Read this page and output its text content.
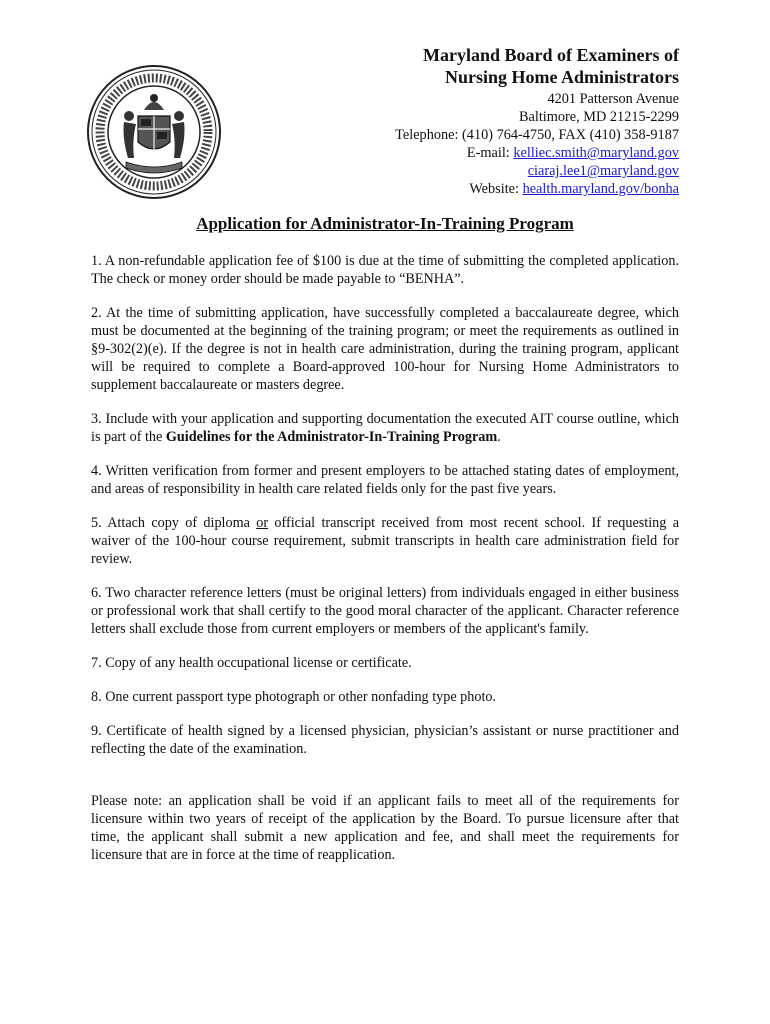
Maryland Board of Examiners of
Nursing Home Administrators
4201 Patterson Avenue
Baltimore, MD 21215-2299
Telephone: (410) 764-4750, FAX (410) 358-9187
E-mail: kelliec.smith@maryland.gov
ciaraj.lee1@maryland.gov
Website: health.maryland.gov/bonha
Application for Administrator-In-Training Program

1. A non-refundable application fee of $100 is due at the time of submitting the completed application. The check or money order should be made payable to “BENHA”.

2. At the time of submitting application, have successfully completed a baccalaureate degree, which must be documented at the beginning of the training program; or meet the requirements as outlined in §9-302(2)(e). If the degree is not in health care administration, during the training program, applicant will be required to complete a Board-approved 100-hour for Nursing Home Administrators to supplement baccalaureate or masters degree.

3. Include with your application and supporting documentation the executed AIT course outline, which is part of the Guidelines for the Administrator-In-Training Program.

4. Written verification from former and present employers to be attached stating dates of employment, and areas of responsibility in health care related fields only for the past five years.

5. Attach copy of diploma or official transcript received from most recent school. If requesting a waiver of the 100-hour course requirement, submit transcripts in health care administration field for review.

6. Two character reference letters (must be original letters) from individuals engaged in either business or professional work that shall certify to the good moral character of the applicant. Character reference letters shall exclude those from current employers or members of the applicant's family.

7. Copy of any health occupational license or certificate.

8. One current passport type photograph or other nonfading type photo.

9. Certificate of health signed by a licensed physician, physician’s assistant or nurse practitioner and reflecting the date of the examination.

Please note: an application shall be void if an applicant fails to meet all of the requirements for licensure within two years of receipt of the application by the Board. To pursue licensure after that time, the applicant shall submit a new application and fee, and shall meet the requirements for licensure that are in force at the time of reapplication.
